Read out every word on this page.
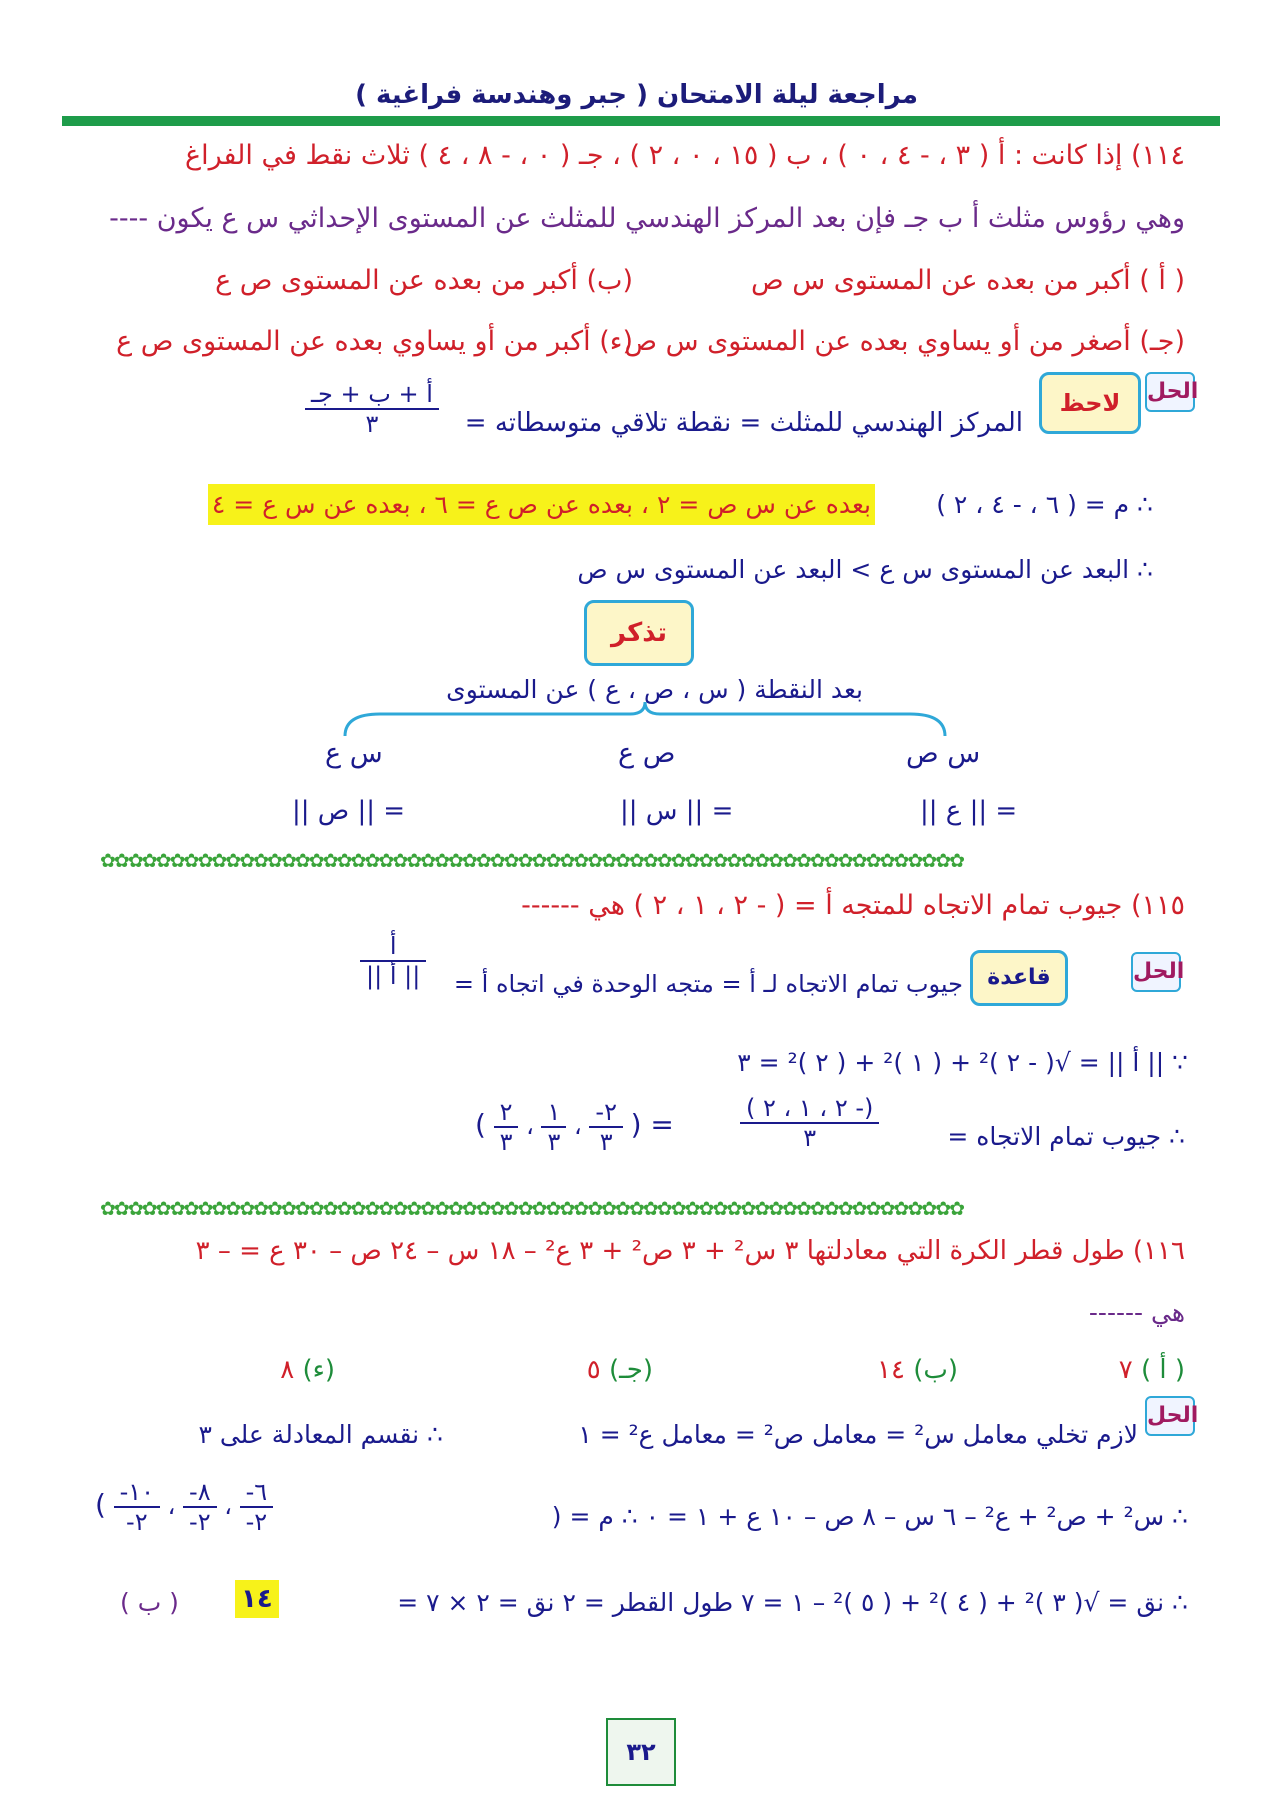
مراجعة ليلة الامتحان ( جبر وهندسة فراغية )
١١٤) إذا كانت : أ ( ٣ ، - ٤ ، ٠ ) ، ب ( ١٥ ، ٠ ، ٢ ) ، جـ ( ٠ ، - ٨ ، ٤ ) ثلاث نقط في الفراغ
وهي رؤوس مثلث أ ب جـ فإن بعد المركز الهندسي للمثلث عن المستوى الإحداثي س ع يكون ----
( أ ) أكبر من بعده عن المستوى س ص
(ب) أكبر من بعده عن المستوى ص ع
(جـ) أصغر من أو يساوي بعده عن المستوى س ص
(ء) أكبر من أو يساوي بعده عن المستوى ص ع
الحل
لاحظ
المركز الهندسي للمثلث = نقطة تلاقي متوسطاته =
$\frac{\text{أ + ب + جـ}}{٣}$
∴ م = ( ٦ ، - ٤ ، ٢ )
بعده عن س ص = ٢ ، بعده عن ص ع = ٦ ، بعده عن س ع = ٤
∴ البعد عن المستوى س ع > البعد عن المستوى س ص
تذكر
بعد النقطة ( س ، ص ، ع ) عن المستوى
س ص
ص ع
س ع
= || ع ||
= || س ||
= || ص ||
✿✿✿✿✿✿✿✿✿✿✿✿✿✿✿✿✿✿✿✿✿✿✿✿✿✿✿✿✿✿✿✿✿✿✿✿✿✿✿✿✿✿✿✿✿✿✿✿✿✿✿✿✿✿✿✿✿✿✿✿✿✿
١١٥) جيوب تمام الاتجاه للمتجه أ = ( - ٢ ، ١ ، ٢ ) هي ------
الحل
قاعدة
جيوب تمام الاتجاه لـ أ = متجه الوحدة في اتجاه أ =
$\frac{\text{أ}}{\text{|| أ ||}}$
∵ || أ || = √( - ٢ )² + ( ١ )² + ( ٢ )² = ٣
∴ جيوب تمام الاتجاه =
$\frac{(- ٢ ، ١ ، ٢ )}{٣}$
( $\frac{٢}{٣}$ ، $\frac{١}{٣}$ ، $\frac{-٢}{٣}$ ) =
✿✿✿✿✿✿✿✿✿✿✿✿✿✿✿✿✿✿✿✿✿✿✿✿✿✿✿✿✿✿✿✿✿✿✿✿✿✿✿✿✿✿✿✿✿✿✿✿✿✿✿✿✿✿✿✿✿✿✿✿✿✿
١١٦) طول قطر الكرة التي معادلتها ٣ س² + ٣ ص² + ٣ ع² – ١٨ س – ٢٤ ص – ٣٠ ع = – ٣
هي ------
( أ ) ٧
(ب) ١٤
(جـ) ٥
(ء) ٨
الحل
لازم تخلي معامل س² = معامل ص² = معامل ع² = ١
∴ نقسم المعادلة على ٣
∴ س² + ص² + ع² – ٦ س – ٨ ص – ١٠ ع + ١ = ٠ ∴ م = (
( $\frac{-١٠}{-٢}$ ، $\frac{-٨}{-٢}$ ، $\frac{-٦}{-٢}$
∴ نق = √( ٣ )² + ( ٤ )² + ( ٥ )² – ١ = ٧ طول القطر = ٢ نق = ٢ × ٧ =
١٤
( ب )
٣٢
